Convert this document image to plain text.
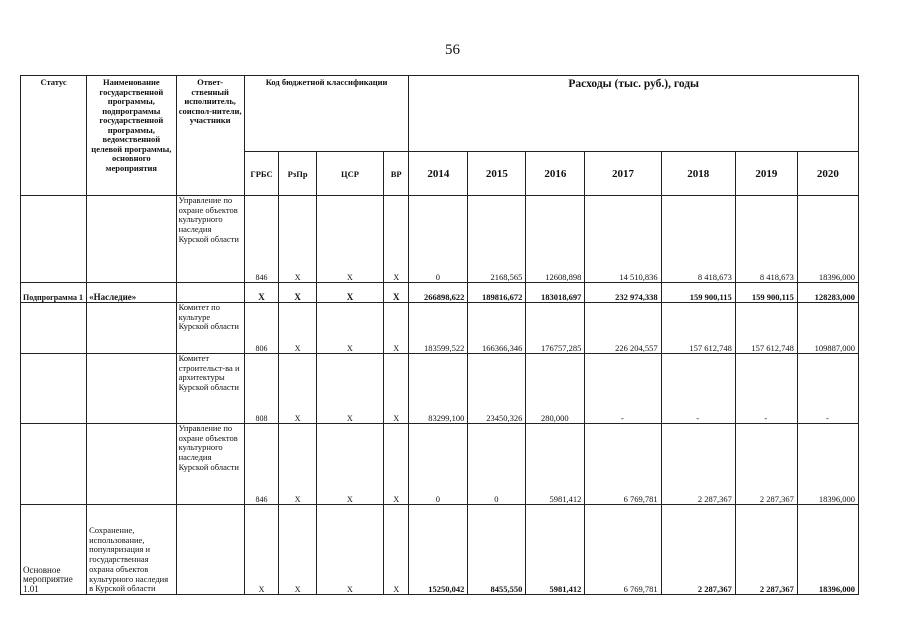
56
Статус	Наименование государственной программы, подпрограммы государственной программы, ведомственной целевой программы, основного мероприятия	Ответ-ственный исполнитель, соиспол-нители, участники	Код бюджетной классификации				Расходы (тыс. руб.), годы						
			ГРБС	РзПр	ЦСР	ВР	2014	2015	2016	2017	2018	2019	2020
		Управление по охране объектов культурного наследия Курской области	846	X	X	X	0	2168,565	12608,898	14 510,836	8 418,673	8 418,673	18396,000
Подпрограмма 1	«Наследие»		X	X	X	X	266898,622	189816,672	183018,697	232 974,338	159 900,115	159 900,115	128283,000
		Комитет по культуре Курской области	806	X	X	X	183599,522	166366,346	176757,285	226 204,557	157 612,748	157 612,748	109887,000
		Комитет строительст-ва и архитектуры Курской области	808	X	X	X	83299,100	23450,326	280,000	-	-	-	-
		Управление по охране объектов культурного наследия Курской области	846	X	X	X	0	0	5981,412	6 769,781	2 287,367	2 287,367	18396,000
Основное мероприятие 1.01	Сохранение, использование, популяризация и государственная охрана объектов культурного наследия в Курской области		X	X	X	X	15250,042	8455,550	5981,412	6 769,781	2 287,367	2 287,367	18396,000
